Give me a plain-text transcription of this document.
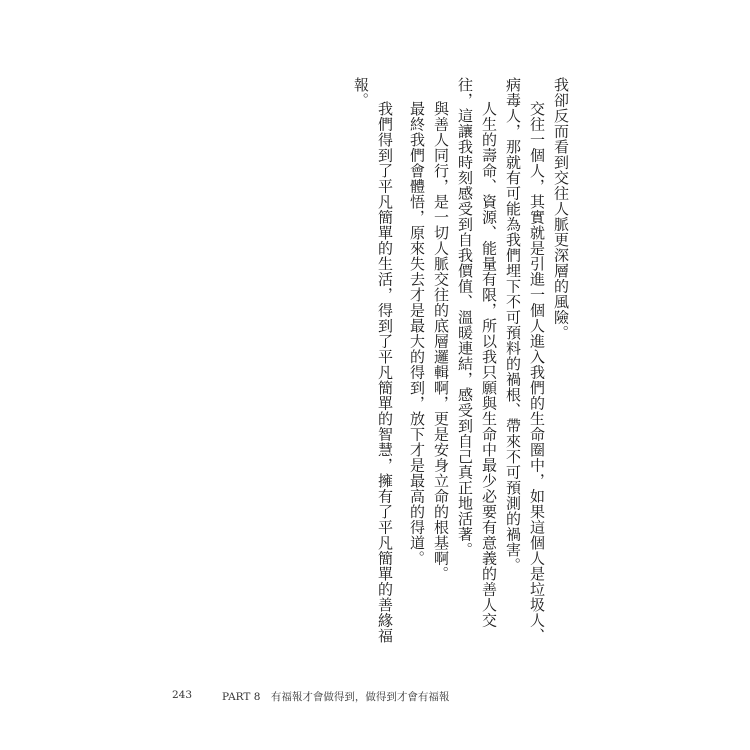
我卻反而看到交往人脈更深層的風險。
交往一個人，其實就是引進一個人進入我們的生命圈中，如果這個人是垃圾人、
病毒人，那就有可能為我們埋下不可預料的禍根、帶來不可預測的禍害。
人生的壽命、資源、能量有限，所以我只願與生命中最少必要有意義的善人交
往，這讓我時刻感受到自我價值、溫暖連結，感受到自己真正地活著。
與善人同行，是一切人脈交往的底層邏輯啊，更是安身立命的根基啊。
最終我們會體悟，原來失去才是最大的得到，放下才是最高的得道。
我們得到了平凡簡單的生活，得到了平凡簡單的智慧，擁有了平凡簡單的善緣福
報。
243	PART 8　有福報才會做得到，做得到才會有福報
